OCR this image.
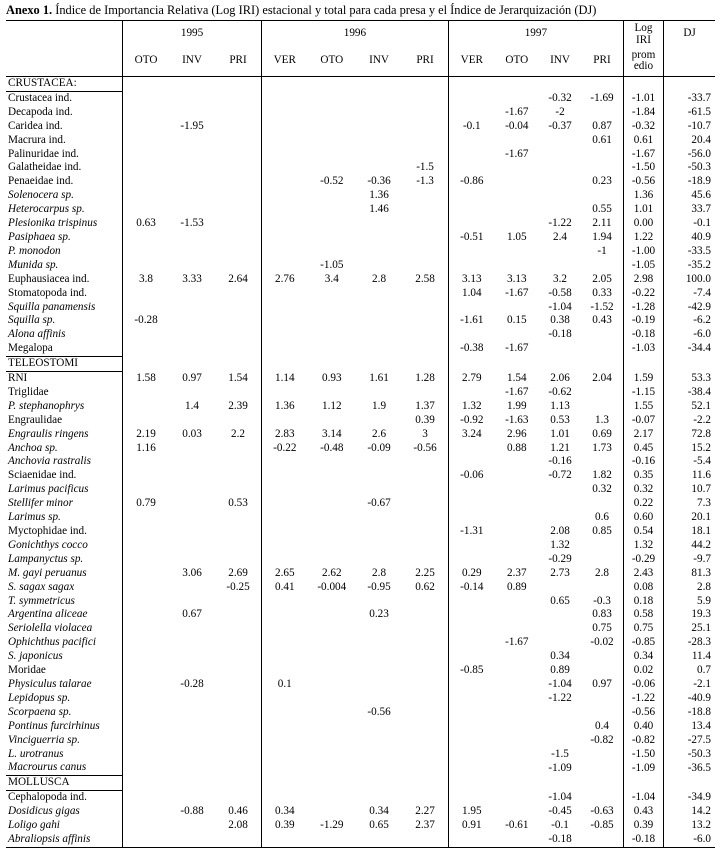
Anexo 1. Índice de Importancia Relativa (Log IRI) estacional y total para cada presa y el Índice de Jerarquización (DJ)
	1995			1996				1997				Log
IRI	DJ
	OTO	INV	PRI	VER	OTO	INV	PRI	VER	OTO	INV	PRI	prom
edio	
CRUSTACEA:													
Crustacea ind.										-0.32	-1.69	-1.01	-33.7
Decapoda ind.									-1.67	-2		-1.84	-61.5
Caridea ind.		-1.95						-0.1	-0.04	-0.37	0.87	-0.32	-10.7
Macrura ind.											0.61	0.61	20.4
Palinuridae ind.									-1.67			-1.67	-56.0
Galatheidae ind.							-1.5					-1.50	-50.3
Penaeidae ind.					-0.52	-0.36	-1.3	-0.86			0.23	-0.56	-18.9
Solenocera sp.						1.36						1.36	45.6
Heterocarpus sp.						1.46					0.55	1.01	33.7
Plesionika trispinus	0.63	-1.53								-1.22	2.11	0.00	-0.1
Pasiphaea sp.								-0.51	1.05	2.4	1.94	1.22	40.9
P. monodon											-1	-1.00	-33.5
Munida sp.					-1.05							-1.05	-35.2
Euphausiacea ind.	3.8	3.33	2.64	2.76	3.4	2.8	2.58	3.13	3.13	3.2	2.05	2.98	100.0
Stomatopoda ind.								1.04	-1.67	-0.58	0.33	-0.22	-7.4
Squilla panamensis										-1.04	-1.52	-1.28	-42.9
Squilla sp.	-0.28							-1.61	0.15	0.38	0.43	-0.19	-6.2
Alona affinis										-0.18		-0.18	-6.0
Megalopa								-0.38	-1.67			-1.03	-34.4
TELEOSTOMI													
RNI	1.58	0.97	1.54	1.14	0.93	1.61	1.28	2.79	1.54	2.06	2.04	1.59	53.3
Triglidae									-1.67	-0.62		-1.15	-38.4
P. stephanophrys		1.4	2.39	1.36	1.12	1.9	1.37	1.32	1.99	1.13		1.55	52.1
Engraulidae							0.39	-0.92	-1.63	0.53	1.3	-0.07	-2.2
Engraulis ringens	2.19	0.03	2.2	2.83	3.14	2.6	3	3.24	2.96	1.01	0.69	2.17	72.8
Anchoa sp.	1.16			-0.22	-0.48	-0.09	-0.56		0.88	1.21	1.73	0.45	15.2
Anchovia rastralis										-0.16		-0.16	-5.4
Sciaenidae ind.								-0.06		-0.72	1.82	0.35	11.6
Larimus pacificus											0.32	0.32	10.7
Stellifer minor	0.79		0.53			-0.67						0.22	7.3
Larimus sp.											0.6	0.60	20.1
Myctophidae ind.								-1.31		2.08	0.85	0.54	18.1
Gonichthys cocco										1.32		1.32	44.2
Lampanyctus sp.										-0.29		-0.29	-9.7
M. gayi peruanus		3.06	2.69	2.65	2.62	2.8	2.25	0.29	2.37	2.73	2.8	2.43	81.3
S. sagax sagax			-0.25	0.41	-0.004	-0.95	0.62	-0.14	0.89			0.08	2.8
T. symmetricus										0.65	-0.3	0.18	5.9
Argentina aliceae		0.67				0.23					0.83	0.58	19.3
Seriolella violacea											0.75	0.75	25.1
Ophichthus pacifici									-1.67		-0.02	-0.85	-28.3
S. japonicus										0.34		0.34	11.4
Moridae								-0.85		0.89		0.02	0.7
Physiculus talarae		-0.28		0.1						-1.04	0.97	-0.06	-2.1
Lepidopus sp.										-1.22		-1.22	-40.9
Scorpaena sp.						-0.56						-0.56	-18.8
Pontinus furcirhinus											0.4	0.40	13.4
Vinciguerria sp.											-0.82	-0.82	-27.5
L. urotranus										-1.5		-1.50	-50.3
Macrourus canus										-1.09		-1.09	-36.5
MOLLUSCA													
Cephalopoda ind.										-1.04		-1.04	-34.9
Dosidicus gigas		-0.88	0.46	0.34		0.34	2.27	1.95		-0.45	-0.63	0.43	14.2
Loligo gahi			2.08	0.39	-1.29	0.65	2.37	0.91	-0.61	-0.1	-0.85	0.39	13.2
Abraliopsis affinis										-0.18		-0.18	-6.0
